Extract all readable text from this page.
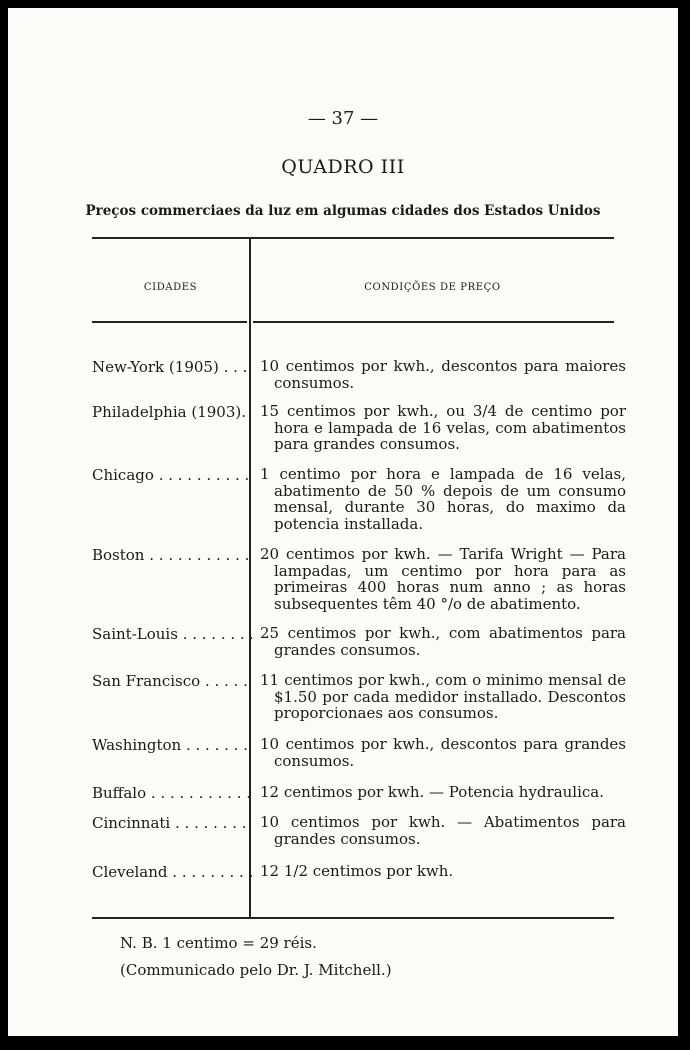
— 37 —
QUADRO III
Preços commerciaes da luz em algumas cidades dos Estados Unidos
CIDADES	CONDIÇÕES DE PREÇO
New-York (1905) . . .	10 centimos por kwh., descontos para maiores consumos.
Philadelphia (1903). . . . 15 centimos por kwh., ou 3/4 de centimo por hora e lampada de 16 velas, com abatimentos para grandes consumos.
Chicago . . .	1 centimo por hora e lampada de 16 velas, abatimento de 50 % depois de um consumo mensal, durante 30 horas, do maximo da potencia installada.
Boston . . .	20 centimos por kwh. — Tarifa Wright — Para lampadas, um centimo por hora para as primeiras 400 horas num anno ; as horas subsequentes têm 40 °/o de abatimento.
Saint-Louis . . .	25 centimos por kwh., com abatimentos para grandes consumos.
San Francisco . . .	11 centimos por kwh., com o minimo mensal de $1.50 por cada medidor installado. Descontos proporcionaes aos consumos.
Washington . . .	10 centimos por kwh., descontos para grandes consumos.
Buffalo . . .	12 centimos por kwh. — Potencia hydraulica.
Cincinnati . . .	10 centimos por kwh. — Abatimentos para grandes consumos.
Cleveland . . .	12 1/2 centimos por kwh.
N. B. 1 centimo = 29 réis.
(Communicado pelo Dr. J. Mitchell.)
